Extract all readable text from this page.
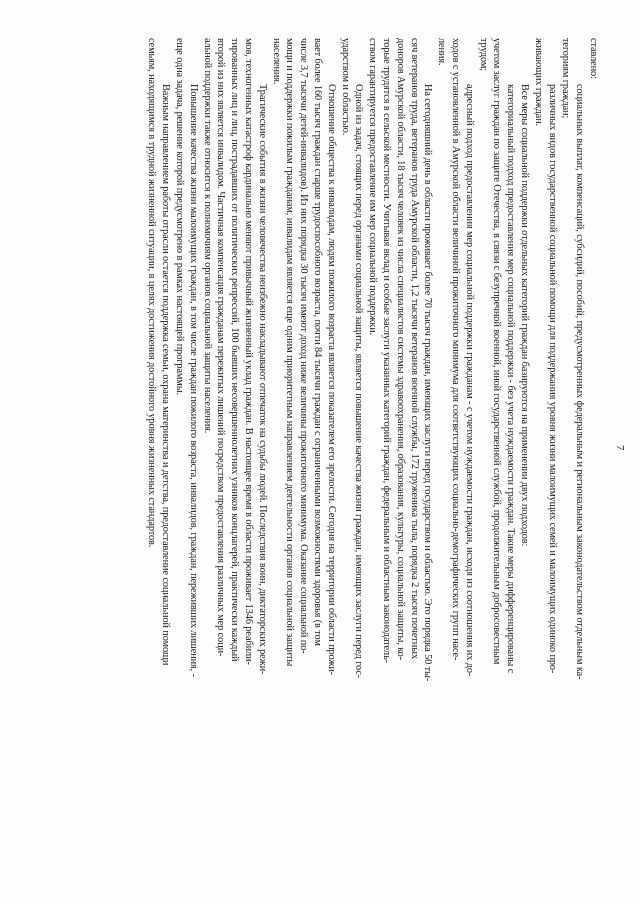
7

ставлено:

социальных выплат, компенсаций, субсидий, пособий, предусмотренных федеральным и региональным законодательством отдельным ка-

тегориям граждан;

различных видов государственной социальной помощи для поддержания уровня жизни малоимущих семей и малоимущих одиноко про-

живающих граждан.

Все меры социальной поддержки отдельных категорий граждан базируются на применении двух подходов:

категориальный подход предоставления мер социальной поддержки - без учета нуждаемости граждан. Такие меры дифференцированы с

учетом заслуг граждан по защите Отечества, в связи с безупречной военной, иной государственной службой, продолжительным добросовестным

трудом;

адресный подход предоставления мер социальной поддержки гражданам - с учетом нуждаемости граждан, исходя из соотношения их до-

ходов с установленной в Амурской области величиной прожиточного минимума для соответствующих социально-демографических групп насе-

ления.

На сегодняшний день в области проживает более 70 тысяч граждан, имеющих заслуги перед государством и областью. Это порядка 50 ты-

сяч ветеранов труда, ветеранов труда Амурской области, 1,2 тысячи ветеранов военной службы, 172 труженика тыла, порядка 2 тысяч почетных

доноров Амурской области, 18 тысяч человек из числа специалистов системы здравоохранения, образования, культуры, социальной защиты, ко-

торые трудятся в сельской местности. Учитывая вклад и особые заслуги указанных категорий граждан, федеральным и областным законодатель-

ством гарантируется предоставление им мер социальной поддержки.

Одной из задач, стоящих перед органами социальной защиты, является повышение качества жизни граждан, имеющих заслуги перед гос-

ударством и областью.

Отношение общества к инвалидам, людям пожилого возраста является показателем его зрелости. Сегодня на территории области прожи-

вает более 160 тысяч граждан старше трудоспособного возраста, почти 84 тысячи граждан с ограниченными возможностями здоровья (в том

числе 3,7 тысячи детей-инвалидов). Из них порядка 30 тысяч имеют доход ниже величины прожиточного минимума. Оказание социальной по-

мощи и поддержки пожилым гражданам, инвалидам является еще одним приоритетным направлением деятельности органов социальной защиты

населения.

Трагические события в жизни человечества неизбежно накладывают отпечаток на судьбы людей. Последствия воин, диктаторских режи-

мов, техногенных катастроф кардинально меняют привычный жизненный уклад граждан. В настоящее время в области проживает 1346 реабили-

тированных лиц и лиц, пострадавших от политических репрессий, 100 бывших несовершеннолетних узников концлагерей, практически каждый

второй из них является инвалидом. Частичная компенсация гражданам пережитых лишений посредством предоставления различных мер соци-

альной поддержки также относится к полномочиям органов социальной защиты населения.

Повышение качества жизни малоимущих граждан, в том числе граждан пожилого возраста, инвалидов, граждан, переживших лишения, -

еще одна задача, решение которой предусмотрено в рамках настоящей программы.

Важным направлением работы отрасли остается поддержка семьи, охрана материнства и детства, предоставление социальной помощи

семьям, находящимся в трудной жизненной ситуации, в целях достижения достойного уровня жизненных стандартов.
